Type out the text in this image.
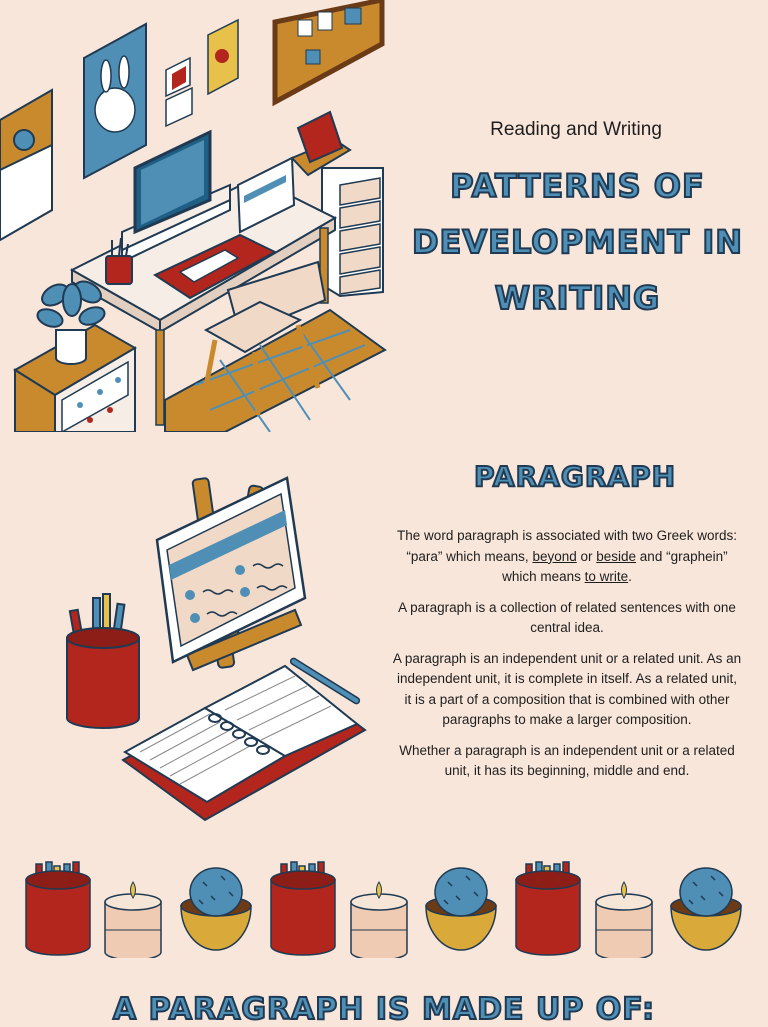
Reading and Writing
PATTERNS OF
DEVELOPMENT IN
WRITING
PARAGRAPH

The word paragraph is associated with two Greek words: “para” which means, beyond or beside and “graphein” which means to write.

A paragraph is a collection of related sentences with one central idea.

A paragraph is an independent unit or a related unit. As an independent unit, it is complete in itself. As a related unit, it is a part of a composition that is combined with other paragraphs to make a larger composition.

Whether a paragraph is an independent unit or a related unit, it has its beginning, middle and end.

A PARAGRAPH IS MADE UP OF:
